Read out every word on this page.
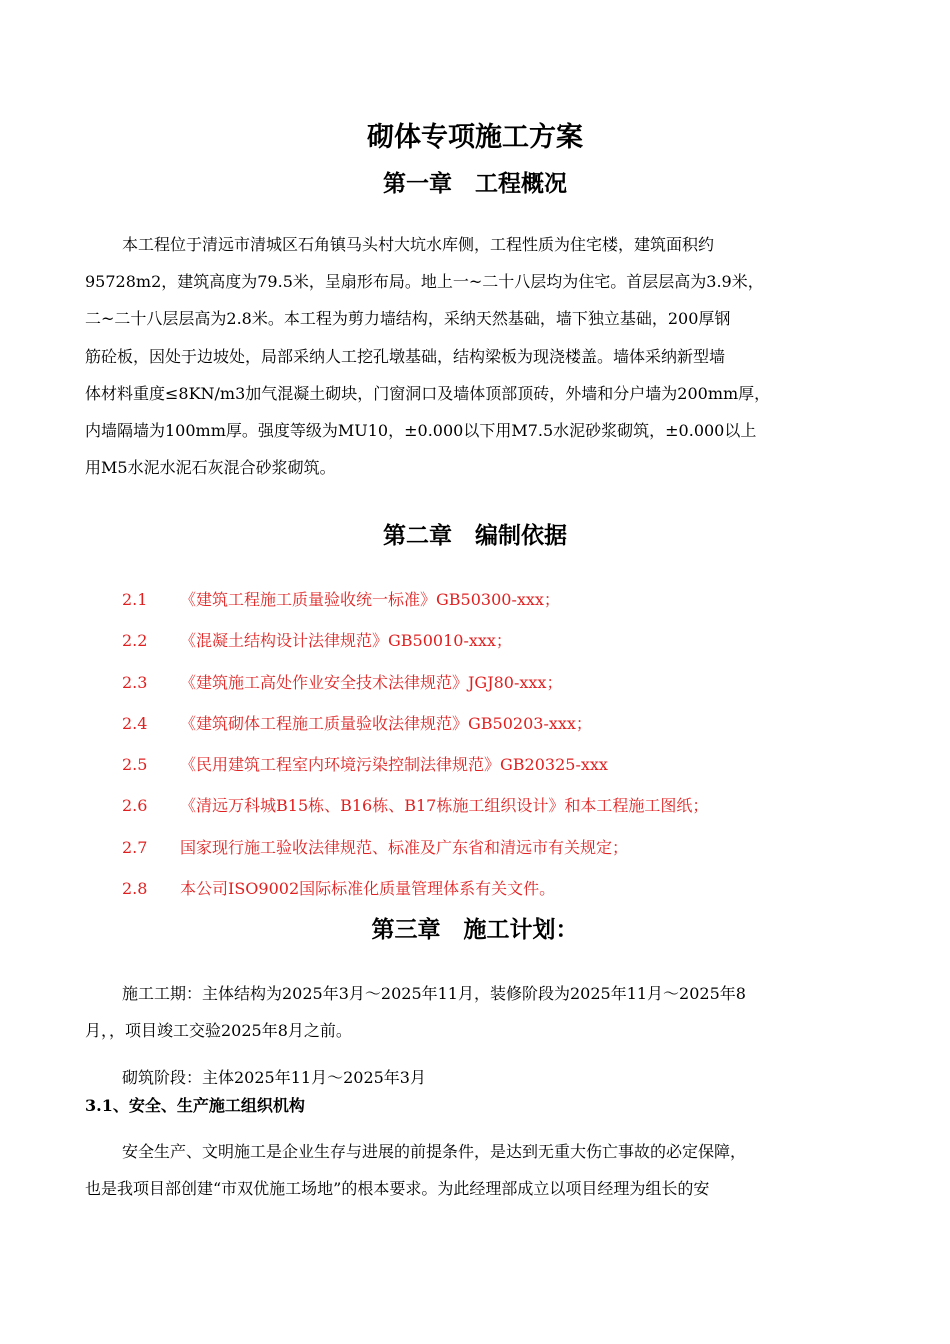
砌体专项施工方案
第一章　工程概况

本工程位于清远市清城区石角镇马头村大坑水库侧，工程性质为住宅楼，建筑面积约
95728m2，建筑高度为79.5米，呈扇形布局。地上一~二十八层均为住宅。首层层高为3.9米，
二~二十八层层高为2.8米。本工程为剪力墙结构，采纳天然基础，墙下独立基础，200厚钢
筋砼板，因处于边坡处，局部采纳人工挖孔墩基础，结构梁板为现浇楼盖。墙体采纳新型墙
体材料重度≤8KN/m3加气混凝土砌块，门窗洞口及墙体顶部顶砖，外墙和分户墙为200mm厚，
内墙隔墙为100mm厚。强度等级为MU10，±0.000以下用M7.5水泥砂浆砌筑，±0.000以上
用M5水泥水泥石灰混合砂浆砌筑。

第二章　编制依据
2.1 《建筑工程施工质量验收统一标准》GB50300-xxx；
2.2 《混凝土结构设计法律规范》GB50010-xxx；
2.3 《建筑施工高处作业安全技术法律规范》JGJ80-xxx；
2.4 《建筑砌体工程施工质量验收法律规范》GB50203-xxx；
2.5 《民用建筑工程室内环境污染控制法律规范》GB20325-xxx
2.6 《清远万科城B15栋、B16栋、B17栋施工组织设计》和本工程施工图纸；
2.7 国家现行施工验收法律规范、标准及广东省和清远市有关规定；
2.8 本公司ISO9002国际标准化质量管理体系有关文件。
第三章　施工计划：

施工工期：主体结构为2025年3月～2025年11月，装修阶段为2025年11月～2025年8
月，，项目竣工交验2025年8月之前。

砌筑阶段：主体2025年11月～2025年3月

3.1、安全、生产施工组织机构

安全生产、文明施工是企业生存与进展的前提条件，是达到无重大伤亡事故的必定保障，
也是我项目部创建“市双优施工场地”的根本要求。为此经理部成立以项目经理为组长的安
